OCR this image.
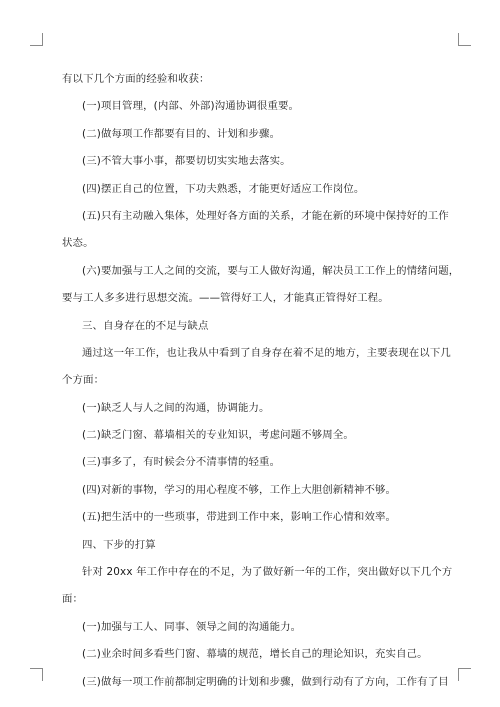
有以下几个方面的经验和收获：
(一)项目管理，(内部、外部)沟通协调很重要。
(二)做每项工作都要有目的、计划和步骤。
(三)不管大事小事，都要切切实实地去落实。
(四)摆正自己的位置，下功夫熟悉，才能更好适应工作岗位。
(五)只有主动融入集体，处理好各方面的关系，才能在新的环境中保持好的工作
状态。
(六)要加强与工人之间的交流，要与工人做好沟通，解决员工工作上的情绪问题，
要与工人多多进行思想交流。——管得好工人，才能真正管得好工程。
三、自身存在的不足与缺点
通过这一年工作，也让我从中看到了自身存在着不足的地方，主要表现在以下几
个方面：
(一)缺乏人与人之间的沟通，协调能力。
(二)缺乏门窗、幕墙相关的专业知识，考虑问题不够周全。
(三)事多了，有时候会分不清事情的轻重。
(四)对新的事物，学习的用心程度不够，工作上大胆创新精神不够。
(五)把生活中的一些琐事，带进到工作中来，影响工作心情和效率。
四、下步的打算
针对 20xx 年工作中存在的不足，为了做好新一年的工作，突出做好以下几个方
面：
(一)加强与工人、同事、领导之间的沟通能力。
(二)业余时间多看些门窗、幕墙的规范，增长自己的理论知识，充实自己。
(三)做每一项工作前都制定明确的计划和步骤，做到行动有了方向，工作有了目
